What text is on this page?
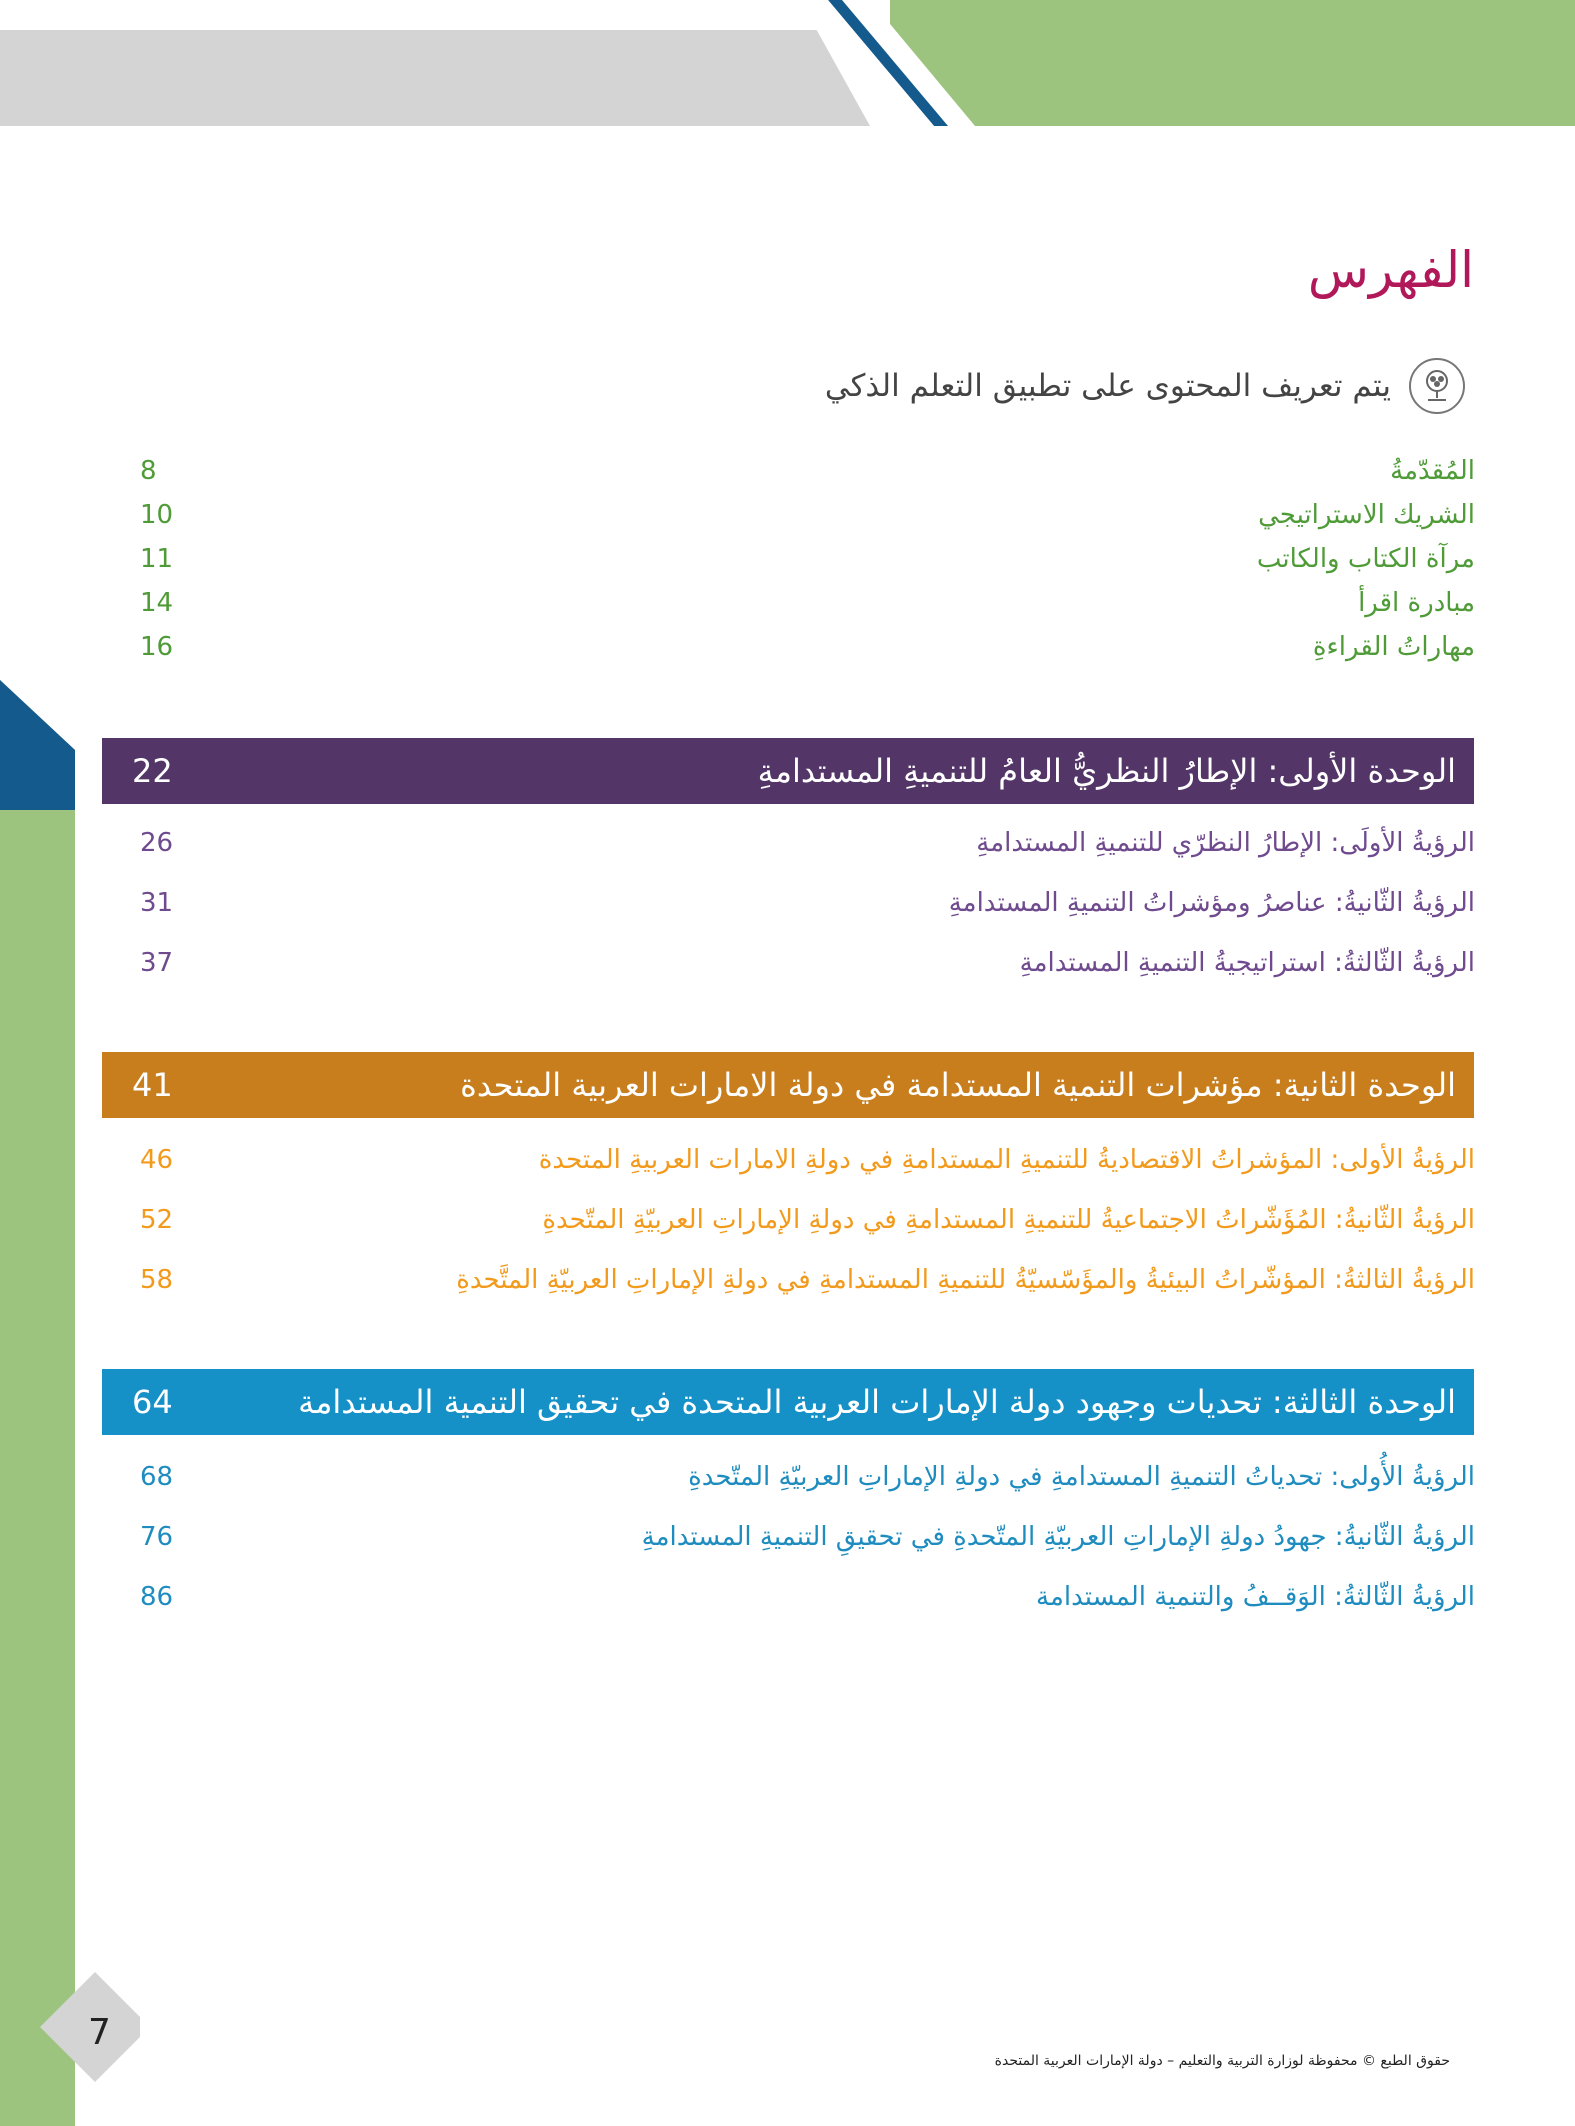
الفهرس
يتم تعريف المحتوى على تطبيق التعلم الذكي
المُقدّمةُ
8
الشريك الاستراتيجي
10
مرآة الكتاب والكاتب
11
مبادرة اقرأ
14
مهاراتُ القراءةِ
16
الوحدة الأولى: الإطارُ النظريُّ العامُ للتنميةِ المستدامةِ
22
الرؤيةُ الأولَى: الإطارُ النظرّي للتنميةِ المستدامةِ
26
الرؤيةُ الثّانيةُ: عناصرُ ومؤشراتُ التنميةِ المستدامةِ
31
الرؤيةُ الثّالثةُ: استراتيجيةُ التنميةِ المستدامةِ
37
الوحدة الثانية: مؤشرات التنمية المستدامة في دولة الامارات العربية المتحدة
41
الرؤيةُ الأولى: المؤشراتُ الاقتصاديةُ للتنميةِ المستدامةِ في دولةِ الامارات العربيةِ المتحدة
46
الرؤيةُ الثّانيةُ: المُؤَشّراتُ الاجتماعيةُ للتنميةِ المستدامةِ في دولةِ الإماراتِ العربيّةِ المتّحدةِ
52
الرؤيةُ الثالثةُ: المؤشّراتُ البيئيةُ والمؤَسّسيّةُ للتنميةِ المستدامةِ في دولةِ الإماراتِ العربيّةِ المتَّحدةِ
58
الوحدة الثالثة: تحديات وجهود دولة الإمارات العربية المتحدة في تحقيق التنمية المستدامة
64
الرؤيةُ الأُولى: تحدياتُ التنميةِ المستدامةِ في دولةِ الإماراتِ العربيّةِ المتّحدةِ
68
الرؤيةُ الثّانيةُ: جهودُ دولةِ الإماراتِ العربيّةِ المتّحدةِ في تحقيقِ التنميةِ المستدامةِ
76
الرؤيةُ الثّالثةُ: الوَقــفُ والتنمية المستدامة
86
حقوق الطبع © محفوظة لوزارة التربية والتعليم – دولة الإمارات العربية المتحدة
7
